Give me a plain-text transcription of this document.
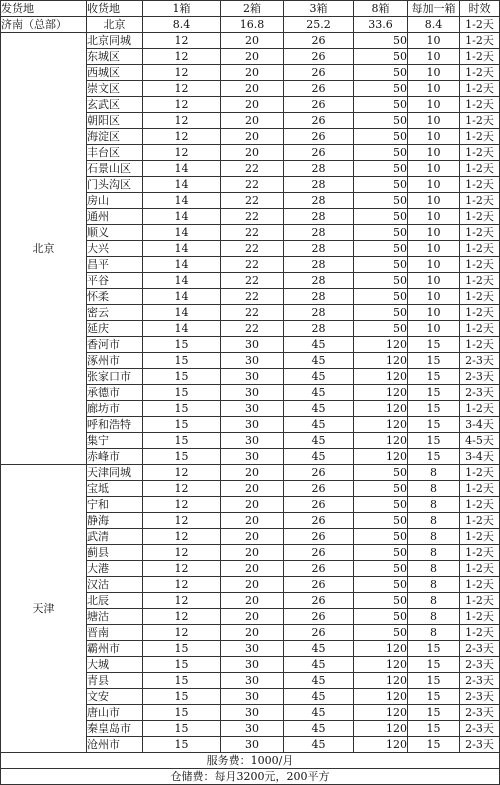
发货地	收货地	1箱	2箱	3箱	8箱	每加一箱	时效
济南（总部）	北京	8.4	16.8	25.2	33.6	8.4	1-2天
北京	北京同城	12	20	26	50	10	1-2天
	东城区	12	20	26	50	10	1-2天
	西城区	12	20	26	50	10	1-2天
	崇文区	12	20	26	50	10	1-2天
	玄武区	12	20	26	50	10	1-2天
	朝阳区	12	20	26	50	10	1-2天
	海淀区	12	20	26	50	10	1-2天
	丰台区	12	20	26	50	10	1-2天
	石景山区	14	22	28	50	10	1-2天
	门头沟区	14	22	28	50	10	1-2天
	房山	14	22	28	50	10	1-2天
	通州	14	22	28	50	10	1-2天
	顺义	14	22	28	50	10	1-2天
	大兴	14	22	28	50	10	1-2天
	昌平	14	22	28	50	10	1-2天
	平谷	14	22	28	50	10	1-2天
	怀柔	14	22	28	50	10	1-2天
	密云	14	22	28	50	10	1-2天
	延庆	14	22	28	50	10	1-2天
	香河市	15	30	45	120	15	1-2天
	涿州市	15	30	45	120	15	2-3天
	张家口市	15	30	45	120	15	2-3天
	承德市	15	30	45	120	15	2-3天
	廊坊市	15	30	45	120	15	1-2天
	呼和浩特	15	30	45	120	15	3-4天
	集宁	15	30	45	120	15	4-5天
	赤峰市	15	30	45	120	15	3-4天
天津	天津同城	12	20	26	50	8	1-2天
	宝坻	12	20	26	50	8	1-2天
	宁和	12	20	26	50	8	1-2天
	静海	12	20	26	50	8	1-2天
	武清	12	20	26	50	8	1-2天
	蓟县	12	20	26	50	8	1-2天
	大港	12	20	26	50	8	1-2天
	汉沽	12	20	26	50	8	1-2天
	北辰	12	20	26	50	8	1-2天
	塘沽	12	20	26	50	8	1-2天
	晋南	12	20	26	50	8	1-2天
	霸州市	15	30	45	120	15	2-3天
	大城	15	30	45	120	15	2-3天
	青县	15	30	45	120	15	2-3天
	文安	15	30	45	120	15	2-3天
	唐山市	15	30	45	120	15	2-3天
	秦皇岛市	15	30	45	120	15	2-3天
	沧州市	15	30	45	120	15	2-3天
服务费：1000/月							
仓储费：每月3200元，200平方							
